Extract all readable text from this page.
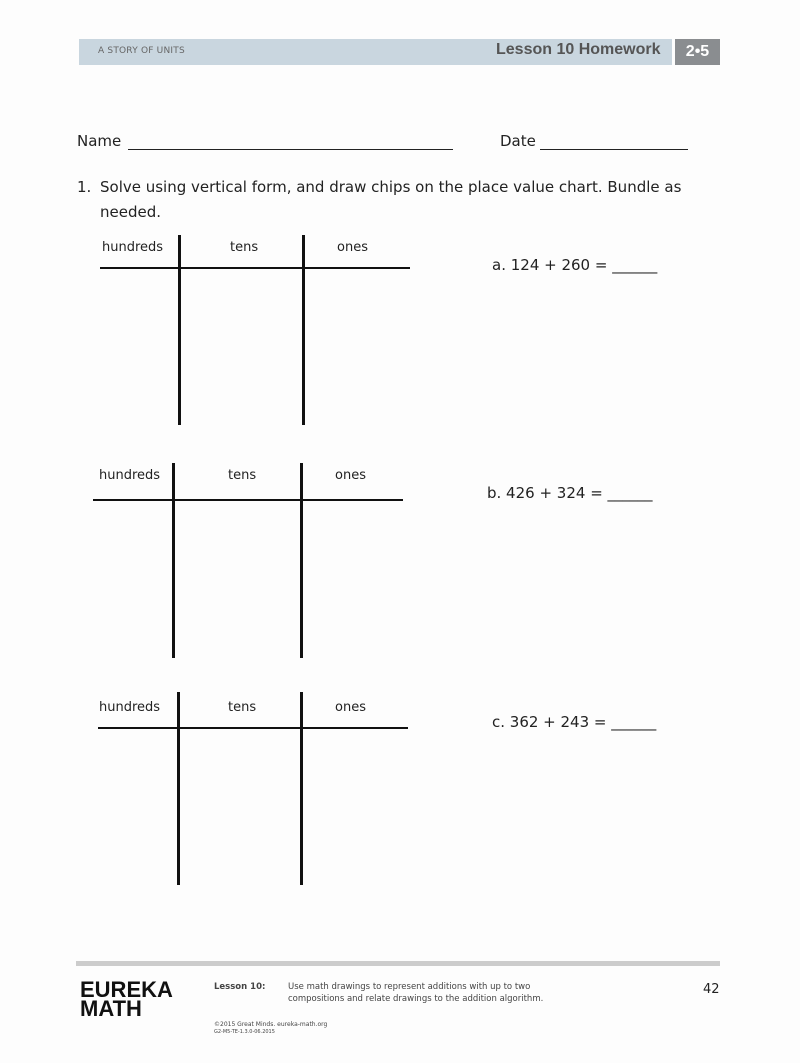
A STORY OF UNITS	Lesson 10 Homework	2•5
Name	Date
1. Solve using vertical form, and draw chips on the place value chart. Bundle as
needed.
hundreds	tens	ones
a. 124 + 260 = ______
hundreds	tens	ones
b. 426 + 324 = ______
hundreds	tens	ones
c. 362 + 243 = ______
EUREKA
MATH
Lesson 10:	Use math drawings to represent additions with up to two
compositions and relate drawings to the addition algorithm.
42
©2015 Great Minds. eureka-math.org
G2-M5-TE-1.3.0-06.2015
